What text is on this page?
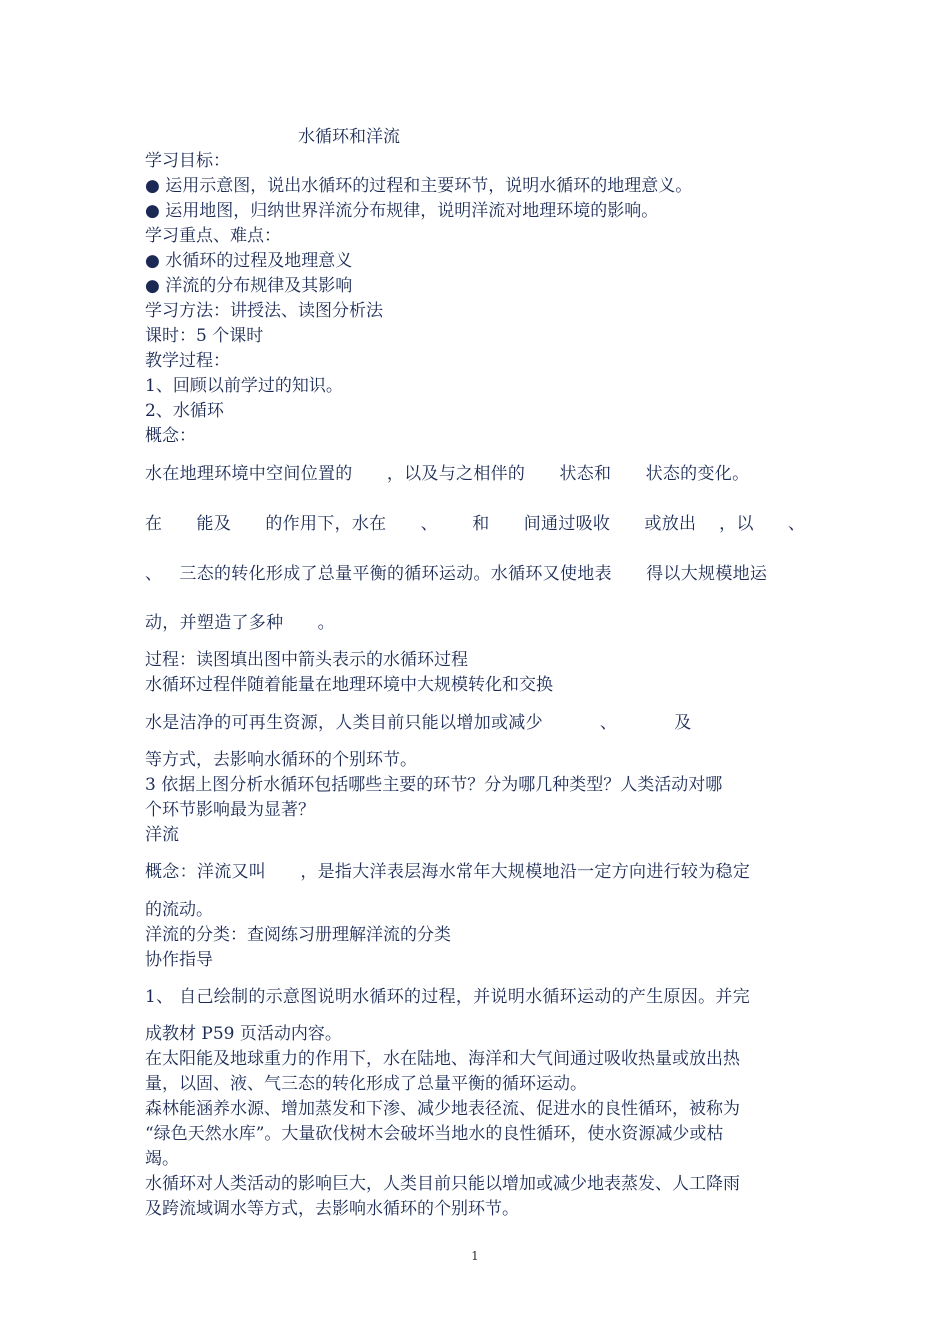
水循环和洋流
学习目标：
● 运用示意图，说出水循环的过程和主要环节，说明水循环的地理意义。
● 运用地图，归纳世界洋流分布规律，说明洋流对地理环境的影响。
学习重点、难点：
● 水循环的过程及地理意义
● 洋流的分布规律及其影响
学习方法：讲授法、读图分析法
课时：5 个课时
教学过程：
1、回顾以前学过的知识。
2、水循环
概念：
水在地理环境中空间位置的      ，以及与之相伴的      状态和      状态的变化。
在      能及      的作用下，水在      、      和      间通过吸收      或放出    ，以      、
、   三态的转化形成了总量平衡的循环运动。水循环又使地表      得以大规模地运
动，并塑造了多种      。
过程：读图填出图中箭头表示的水循环过程
水循环过程伴随着能量在地理环境中大规模转化和交换
水是洁净的可再生资源，人类目前只能以增加或减少          、          及
等方式，去影响水循环的个别环节。
3 依据上图分析水循环包括哪些主要的环节？分为哪几种类型？人类活动对哪
个环节影响最为显著？
洋流
概念：洋流又叫      ，是指大洋表层海水常年大规模地沿一定方向进行较为稳定
的流动。
洋流的分类：查阅练习册理解洋流的分类
协作指导
1、 自己绘制的示意图说明水循环的过程，并说明水循环运动的产生原因。并完
成教材 P59 页活动内容。
在太阳能及地球重力的作用下，水在陆地、海洋和大气间通过吸收热量或放出热
量，以固、液、气三态的转化形成了总量平衡的循环运动。
森林能涵养水源、增加蒸发和下渗、减少地表径流、促进水的良性循环，被称为
“绿色天然水库”。大量砍伐树木会破坏当地水的良性循环，使水资源减少或枯
竭。
水循环对人类活动的影响巨大，人类目前只能以增加或减少地表蒸发、人工降雨
及跨流域调水等方式，去影响水循环的个别环节。
1
